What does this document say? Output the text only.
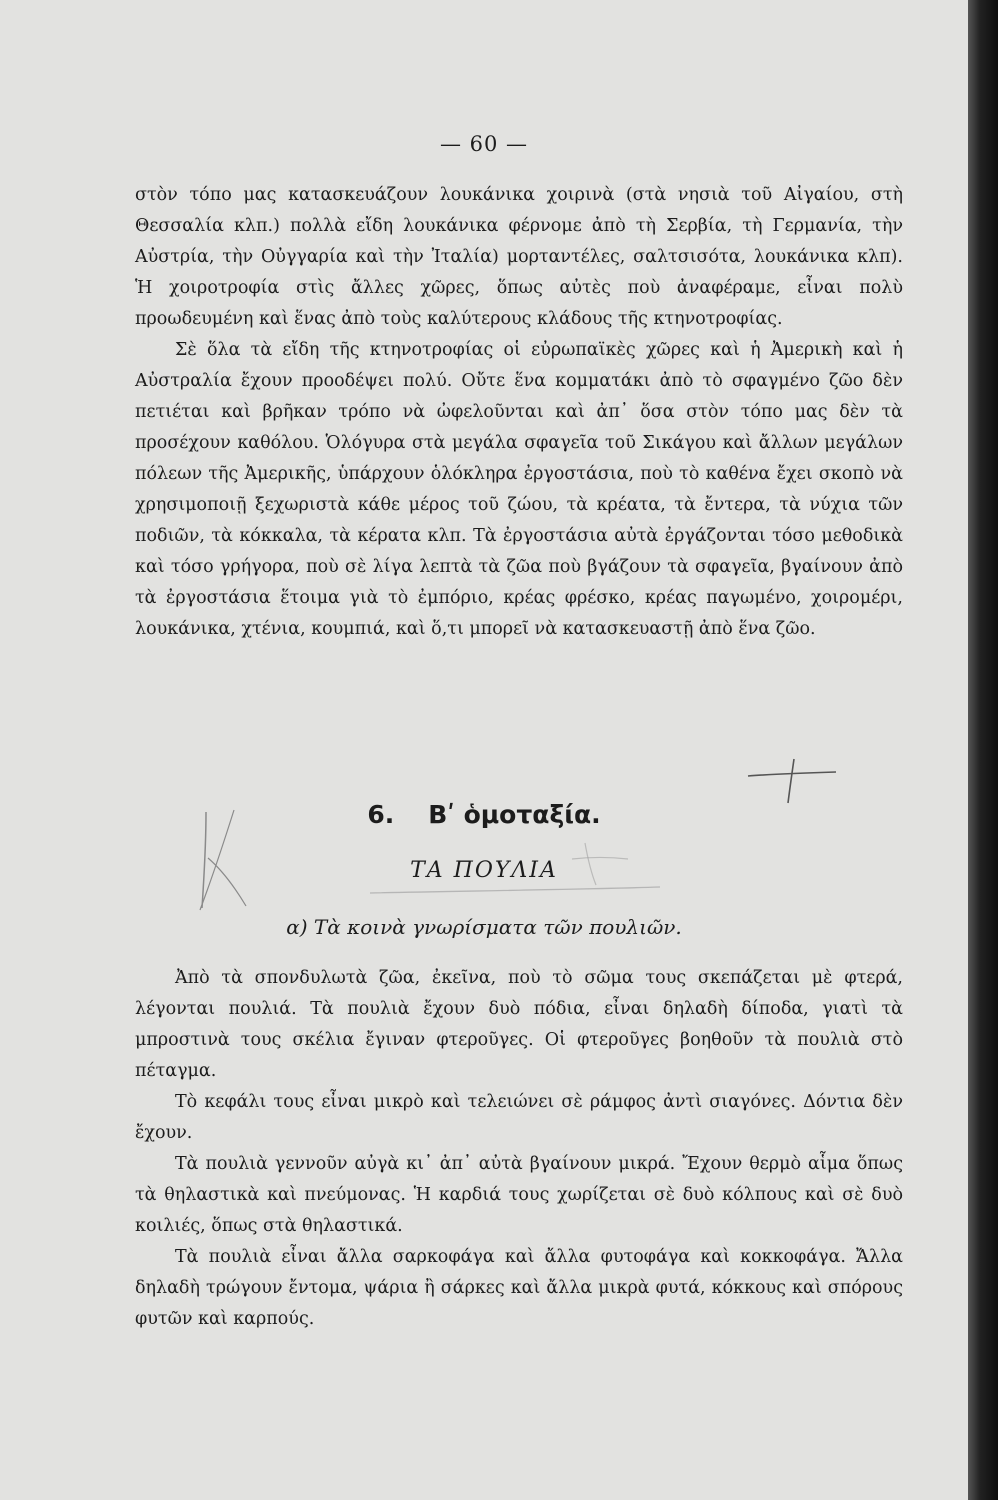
— 60 —

στὸν τόπο μας κατασκευάζουν λουκάνικα χοιρινὰ (στὰ νησιὰ τοῦ Αἰγαίου, στὴ Θεσσαλία κλπ.) πολλὰ εἴδη λουκάνικα φέρνομε ἀπὸ τὴ Σερβία, τὴ Γερμανία, τὴν Αὐστρία, τὴν Οὐγγαρία καὶ τὴν Ἰταλία) μορταντέλες, σαλτσισότα, λουκάνικα κλπ). Ἡ χοιροτροφία στὶς ἄλλες χῶρες, ὅπως αὐτὲς ποὺ ἀναφέραμε, εἶναι πολὺ προωδευμένη καὶ ἕνας ἀπὸ τοὺς καλύτερους κλάδους τῆς κτηνοτροφίας.

Σὲ ὅλα τὰ εἴδη τῆς κτηνοτροφίας οἱ εὐρωπαϊκὲς χῶρες καὶ ἡ Ἀμερικὴ καὶ ἡ Αὐστραλία ἔχουν προοδέψει πολύ. Οὔτε ἕνα κομματάκι ἀπὸ τὸ σφαγμένο ζῶο δὲν πετιέται καὶ βρῆκαν τρόπο νὰ ὠφελοῦνται καὶ ἀπ᾽ ὅσα στὸν τόπο μας δὲν τὰ προσέχουν καθόλου. Ὁλόγυρα στὰ μεγάλα σφαγεῖα τοῦ Σικάγου καὶ ἄλλων μεγάλων πόλεων τῆς Ἀμερικῆς, ὑπάρχουν ὁλόκληρα ἐργοστάσια, ποὺ τὸ καθένα ἔχει σκοπὸ νὰ χρησιμοποιῇ ξεχωριστὰ κάθε μέρος τοῦ ζώου, τὰ κρέατα, τὰ ἔντερα, τὰ νύχια τῶν ποδιῶν, τὰ κόκκαλα, τὰ κέρατα κλπ. Τὰ ἐργοστάσια αὐτὰ ἐργάζονται τόσο μεθοδικὰ καὶ τόσο γρήγορα, ποὺ σὲ λίγα λεπτὰ τὰ ζῶα ποὺ βγάζουν τὰ σφαγεῖα, βγαίνουν ἀπὸ τὰ ἐργοστάσια ἕτοιμα γιὰ τὸ ἐμπόριο, κρέας φρέσκο, κρέας παγωμένο, χοιρομέρι, λουκάνικα, χτένια, κουμπιά, καὶ ὅ,τι μπορεῖ νὰ κατασκευαστῇ ἀπὸ ἕνα ζῶο.

6. Βʹ ὁμοταξία.
ΤΑ ΠΟΥΛΙΑ
α) Τὰ κοινὰ γνωρίσματα τῶν πουλιῶν.

Ἀπὸ τὰ σπονδυλωτὰ ζῶα, ἐκεῖνα, ποὺ τὸ σῶμα τους σκεπάζεται μὲ φτερά, λέγονται πουλιά. Τὰ πουλιὰ ἔχουν δυὸ πόδια, εἶναι δηλαδὴ δίποδα, γιατὶ τὰ μπροστινὰ τους σκέλια ἔγιναν φτεροῦγες. Οἱ φτεροῦγες βοηθοῦν τὰ πουλιὰ στὸ πέταγμα.

Τὸ κεφάλι τους εἶναι μικρὸ καὶ τελειώνει σὲ ράμφος ἀντὶ σιαγόνες. Δόντια δὲν ἔχουν.

Τὰ πουλιὰ γεννοῦν αὐγὰ κι᾽ ἀπ᾽ αὐτὰ βγαίνουν μικρά. Ἔχουν θερμὸ αἷμα ὅπως τὰ θηλαστικὰ καὶ πνεύμονας. Ἡ καρδιά τους χωρίζεται σὲ δυὸ κόλπους καὶ σὲ δυὸ κοιλιές, ὅπως στὰ θηλαστικά.

Τὰ πουλιὰ εἶναι ἄλλα σαρκοφάγα καὶ ἄλλα φυτοφάγα καὶ κοκκοφάγα. Ἄλλα δηλαδὴ τρώγουν ἔντομα, ψάρια ἢ σάρκες καὶ ἄλλα μικρὰ φυτά, κόκκους καὶ σπόρους φυτῶν καὶ καρπούς.
